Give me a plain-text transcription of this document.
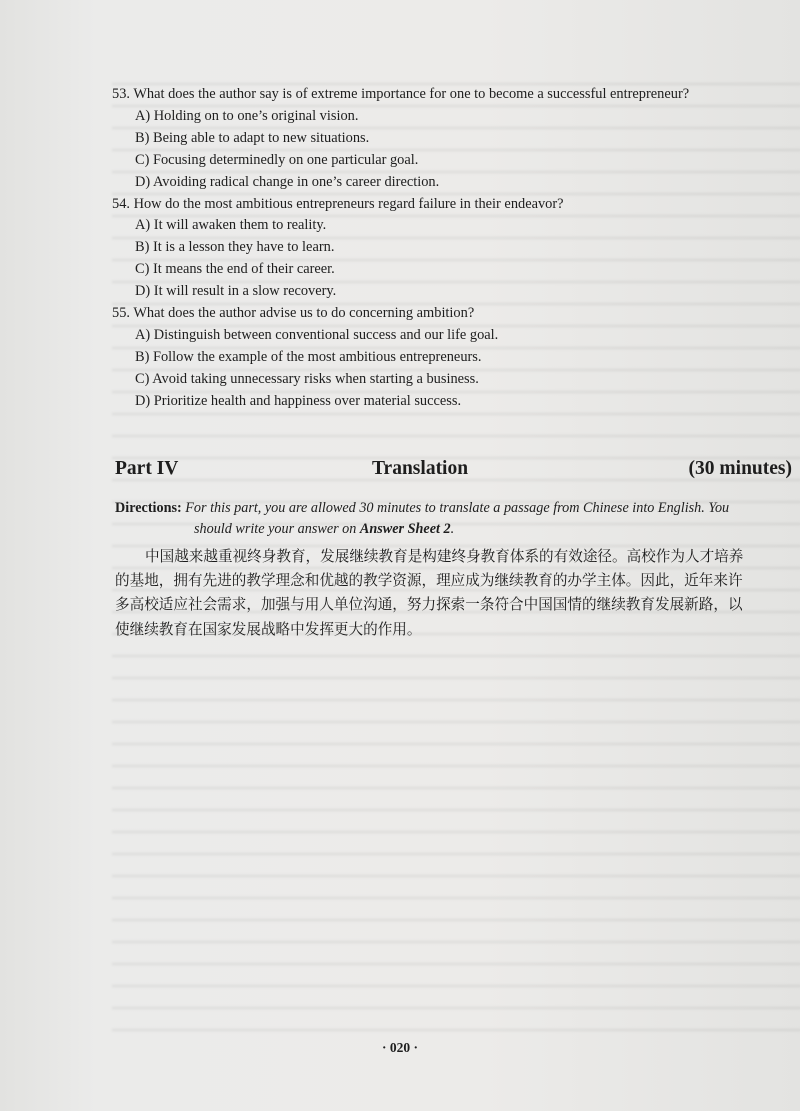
53. What does the author say is of extreme importance for one to become a successful entrepreneur?
A) Holding on to one’s original vision.
B) Being able to adapt to new situations.
C) Focusing determinedly on one particular goal.
D) Avoiding radical change in one’s career direction.
54. How do the most ambitious entrepreneurs regard failure in their endeavor?
A) It will awaken them to reality.
B) It is a lesson they have to learn.
C) It means the end of their career.
D) It will result in a slow recovery.
55. What does the author advise us to do concerning ambition?
A) Distinguish between conventional success and our life goal.
B) Follow the example of the most ambitious entrepreneurs.
C) Avoid taking unnecessary risks when starting a business.
D) Prioritize health and happiness over material success.
Part IV	Translation	(30 minutes)
Directions: For this part, you are allowed 30 minutes to translate a passage from Chinese into English. You
should write your answer on Answer Sheet 2.
中国越来越重视终身教育，发展继续教育是构建终身教育体系的有效途径。高校作为人才培养
的基地，拥有先进的教学理念和优越的教学资源，理应成为继续教育的办学主体。因此，近年来许
多高校适应社会需求，加强与用人单位沟通，努力探索一条符合中国国情的继续教育发展新路，以
使继续教育在国家发展战略中发挥更大的作用。
· 020 ·
